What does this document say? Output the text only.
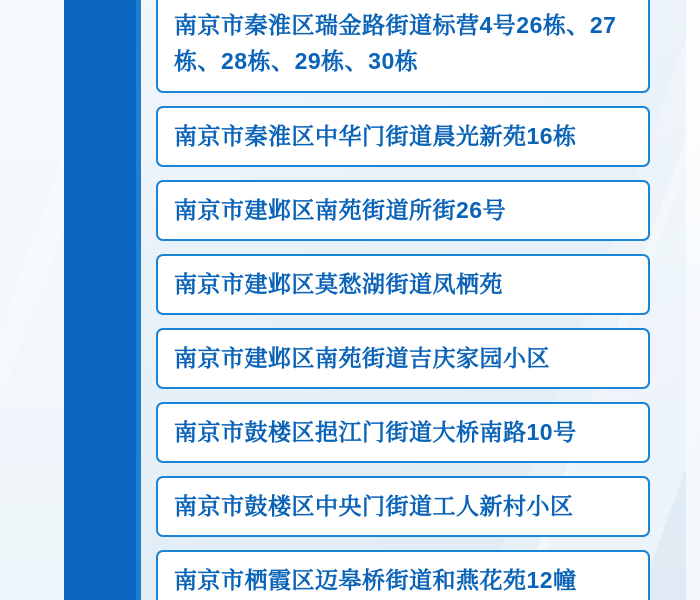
南京市秦淮区瑞金路街道标营4号26栋、27栋、28栋、29栋、30栋
南京市秦淮区中华门街道晨光新苑16栋
南京市建邺区南苑街道所街26号
南京市建邺区莫愁湖街道凤栖苑
南京市建邺区南苑街道吉庆家园小区
南京市鼓楼区挹江门街道大桥南路10号
南京市鼓楼区中央门街道工人新村小区
南京市栖霞区迈皋桥街道和燕花苑12幢
